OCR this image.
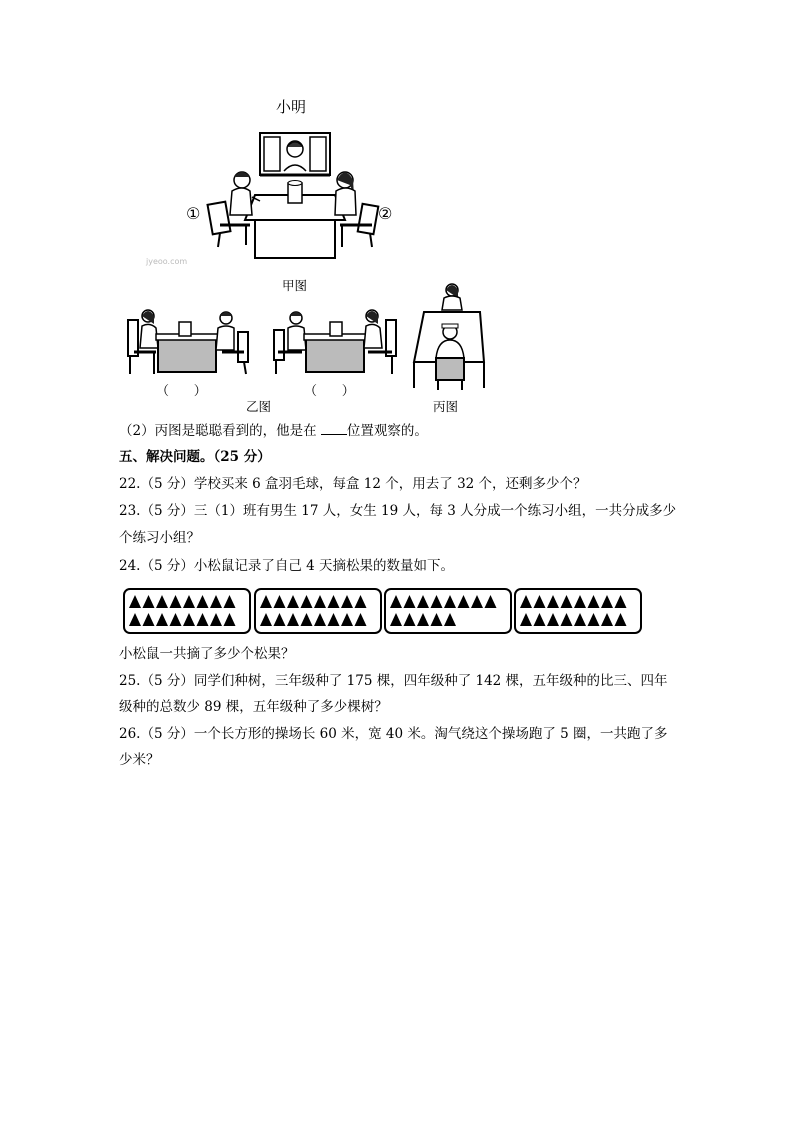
小明
①	②
jyeoo.com
甲图
（      ）	（      ）
乙图	丙图
（2）丙图是聪聪看到的，他是在 位置观察的。
五、解决问题。（25 分）
22.（5 分）学校买来 6 盒羽毛球，每盒 12 个，用去了 32 个，还剩多少个？
23.（5 分）三（1）班有男生 17 人，女生 19 人，每 3 人分成一个练习小组，一共分成多少
个练习小组？
24.（5 分）小松鼠记录了自己 4 天摘松果的数量如下。
小松鼠一共摘了多少个松果？
25.（5 分）同学们种树，三年级种了 175 棵，四年级种了 142 棵，五年级种的比三、四年
级种的总数少 89 棵，五年级种了多少棵树？
26.（5 分）一个长方形的操场长 60 米，宽 40 米。淘气绕这个操场跑了 5 圈，一共跑了多
少米？
